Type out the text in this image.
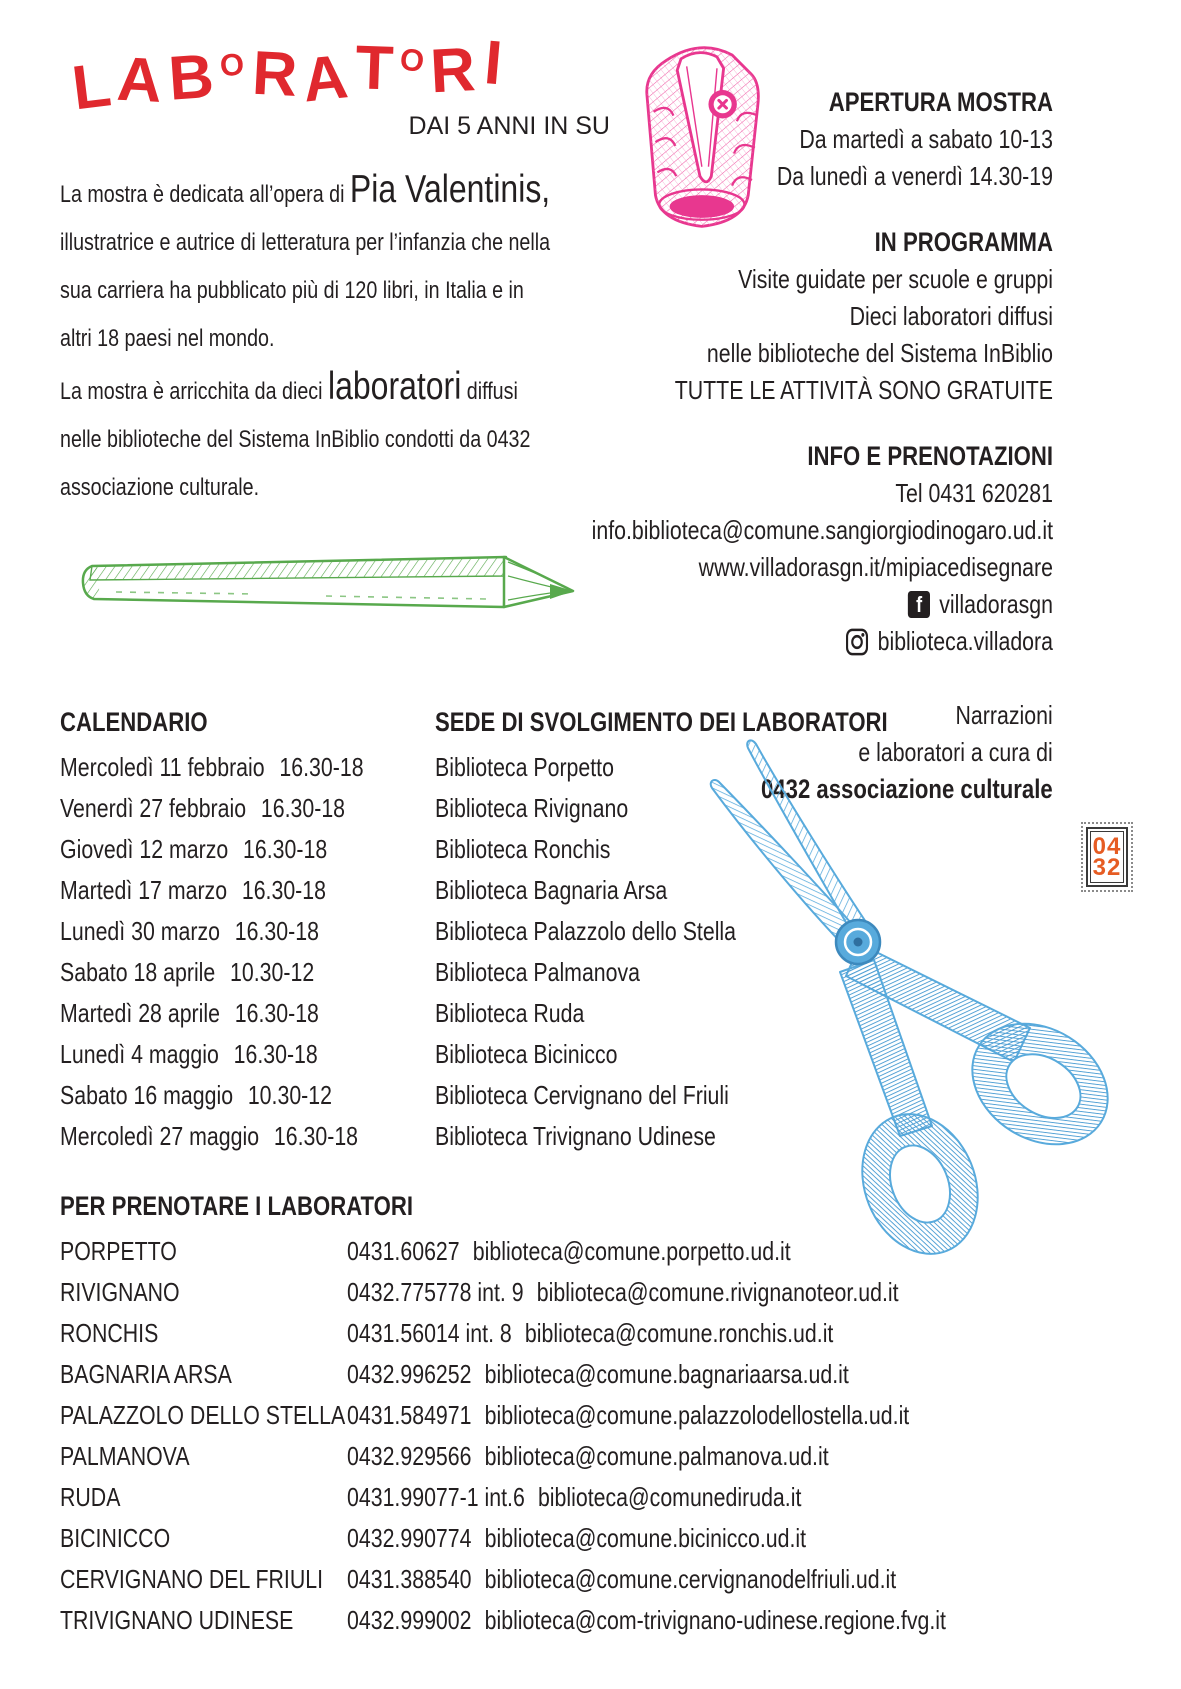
LABORATORI
DAI 5 ANNI IN SU
La mostra è dedicata all’opera di Pia Valentinis,
illustratrice e autrice di letteratura per l’infanzia che nella
sua carriera ha pubblicato più di 120 libri, in Italia e in
altri 18 paesi nel mondo.
La mostra è arricchita da dieci laboratori diffusi
nelle biblioteche del Sistema InBiblio condotti da 0432
associazione culturale.
APERTURA MOSTRA
Da martedì a sabato 10-13
Da lunedì a venerdì 14.30-19
IN PROGRAMMA
Visite guidate per scuole e gruppi
Dieci laboratori diffusi
nelle biblioteche del Sistema InBiblio
TUTTE LE ATTIVITÀ SONO GRATUITE
INFO E PRENOTAZIONI
Tel 0431 620281
info.biblioteca@comune.sangiorgiodinogaro.ud.it
www.villadorasgn.it/mipiacedisegnare
f villadorasgn
biblioteca.villadora
CALENDARIO
Mercoledì 11 febbraio 16.30-18
Venerdì 27 febbraio 16.30-18
Giovedì 12 marzo 16.30-18
Martedì 17 marzo 16.30-18
Lunedì 30 marzo 16.30-18
Sabato 18 aprile 10.30-12
Martedì 28 aprile 16.30-18
Lunedì 4 maggio 16.30-18
Sabato 16 maggio 10.30-12
Mercoledì 27 maggio 16.30-18
SEDE DI SVOLGIMENTO DEI LABORATORI
Biblioteca Porpetto
Biblioteca Rivignano
Biblioteca Ronchis
Biblioteca Bagnaria Arsa
Biblioteca Palazzolo dello Stella
Biblioteca Palmanova
Biblioteca Ruda
Biblioteca Bicinicco
Biblioteca Cervignano del Friuli
Biblioteca Trivignano Udinese
Narrazioni
e laboratori a cura di
0432 associazione culturale
04
32
PER PRENOTARE I LABORATORI
PORPETTO	0431.60627 biblioteca@comune.porpetto.ud.it
RIVIGNANO	0432.775778 int. 9 biblioteca@comune.rivignanoteor.ud.it
RONCHIS	0431.56014 int. 8 biblioteca@comune.ronchis.ud.it
BAGNARIA ARSA	0432.996252 biblioteca@comune.bagnariaarsa.ud.it
PALAZZOLO DELLO STELLA 0431.584971 biblioteca@comune.palazzolodellostella.ud.it
PALMANOVA	0432.929566 biblioteca@comune.palmanova.ud.it
RUDA	0431.99077-1 int.6 biblioteca@comunediruda.it
BICINICCO	0432.990774 biblioteca@comune.bicinicco.ud.it
CERVIGNANO DEL FRIULI 0431.388540 biblioteca@comune.cervignanodelfriuli.ud.it
TRIVIGNANO UDINESE	0432.999002 biblioteca@com-trivignano-udinese.regione.fvg.it
